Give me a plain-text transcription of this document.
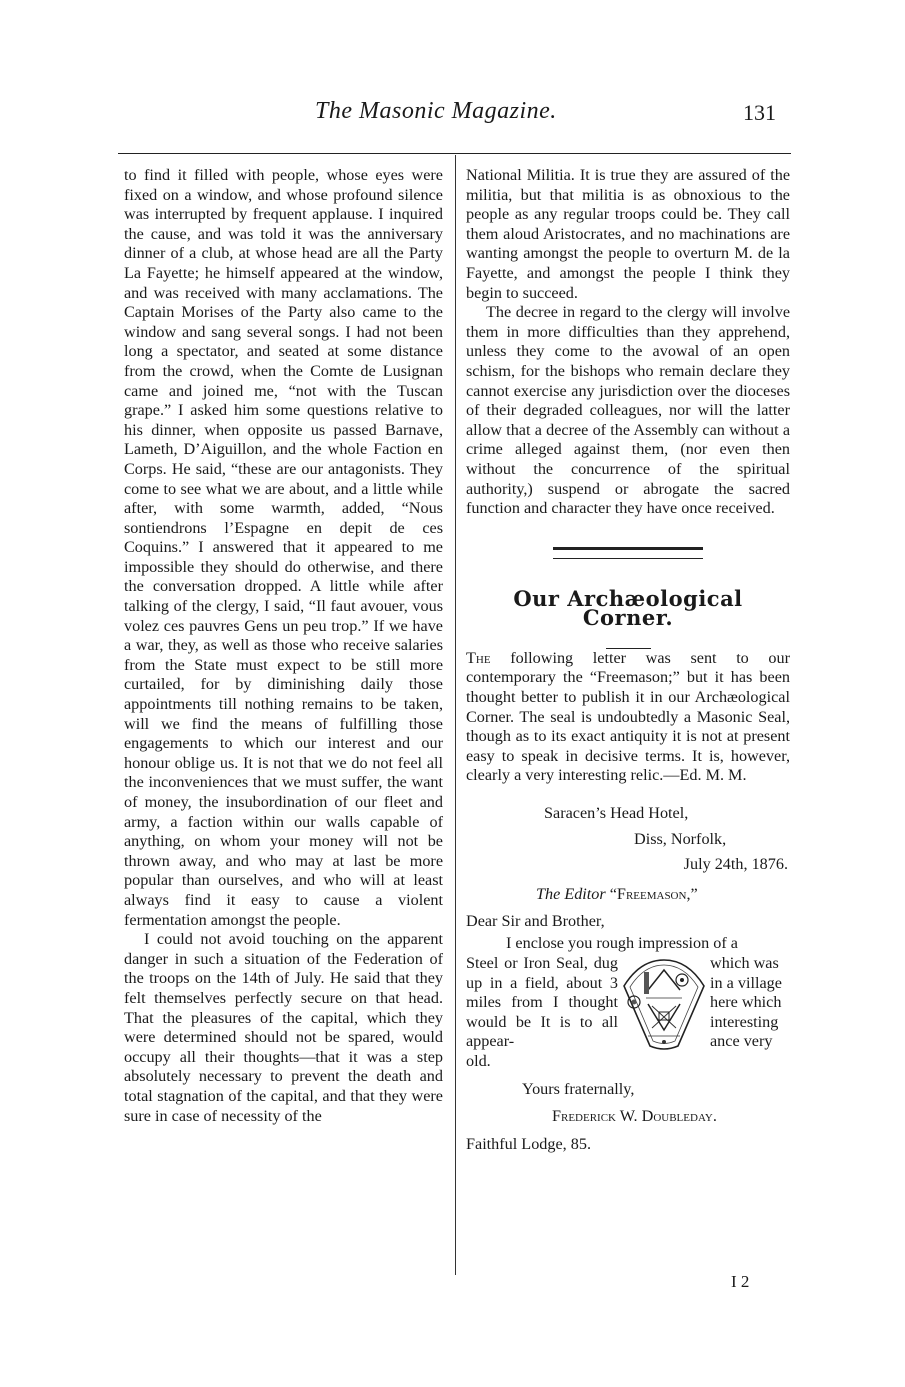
The Masonic Magazine.	131

to find it filled with people, whose eyes were fixed on a window, and whose profound silence was interrupted by frequent applause. I inquired the cause, and was told it was the anniversary dinner of a club, at whose head are all the Party La Fayette; he himself appeared at the window, and was received with many acclamations. The Captain Morises of the Party also came to the window and sang several songs. I had not been long a spectator, and seated at some distance from the crowd, when the Comte de Lusignan came and joined me, “not with the Tuscan grape.” I asked him some questions relative to his dinner, when opposite us passed Barnave, Lameth, D’Aiguillon, and the whole Faction en Corps. He said, “these are our antagonists. They come to see what we are about, and a little while after, with some warmth, added, “Nous sontiendrons l’Espagne en depit de ces Coquins.” I answered that it appeared to me impossible they should do otherwise, and there the conversation dropped. A little while after talking of the clergy, I said, “Il faut avouer, vous volez ces pauvres Gens un peu trop.” If we have a war, they, as well as those who receive salaries from the State must expect to be still more curtailed, for by diminishing daily those appointments till nothing remains to be taken, will we find the means of fulfilling those engagements to which our interest and our honour oblige us. It is not that we do not feel all the inconveniences that we must suffer, the want of money, the insubordination of our fleet and army, a faction within our walls capable of anything, on whom your money will not be thrown away, and who may at last be more popular than ourselves, and who will at least always find it easy to cause a violent fermentation amongst the people.

I could not avoid touching on the apparent danger in such a situation of the Federation of the troops on the 14th of July. He said that they felt themselves perfectly secure on that head. That the pleasures of the capital, which they were determined should not be spared, would occupy all their thoughts—that it was a step absolutely necessary to prevent the death and total stagnation of the capital, and that they were sure in case of necessity of the

National Militia. It is true they are assured of the militia, but that militia is as obnoxious to the people as any regular troops could be. They call them aloud Aristocrates, and no machinations are wanting amongst the people to overturn M. de la Fayette, and amongst the people I think they begin to succeed.

The decree in regard to the clergy will involve them in more difficulties than they apprehend, unless they come to the avowal of an open schism, for the bishops who remain declare they cannot exercise any jurisdiction over the dioceses of their degraded colleagues, nor will the latter allow that a decree of the Assembly can without a crime alleged against them, (nor even then without the concurrence of the spiritual authority,) suspend or abrogate the sacred function and character they have once received.

Our Archæological Corner.

The following letter was sent to our contemporary the “Freemason;” but it has been thought better to publish it in our Archæological Corner. The seal is undoubtedly a Masonic Seal, though as to its exact antiquity it is not at present easy to speak in decisive terms. It is, however, clearly a very interesting relic.—Ed. M. M.

Saracen’s Head Hotel,
Diss, Norfolk,
July 24th, 1876.
The Editor “Freemason,”
Dear Sir and Brother,
I enclose you rough impression of a
Steel or Iron Seal, dug up in a field, about 3 miles from I thought would be It is to all appear-
which was in a village here which interesting ance very
old.
Yours fraternally,
Frederick W. Doubleday.
Faithful Lodge, 85.
I 2
